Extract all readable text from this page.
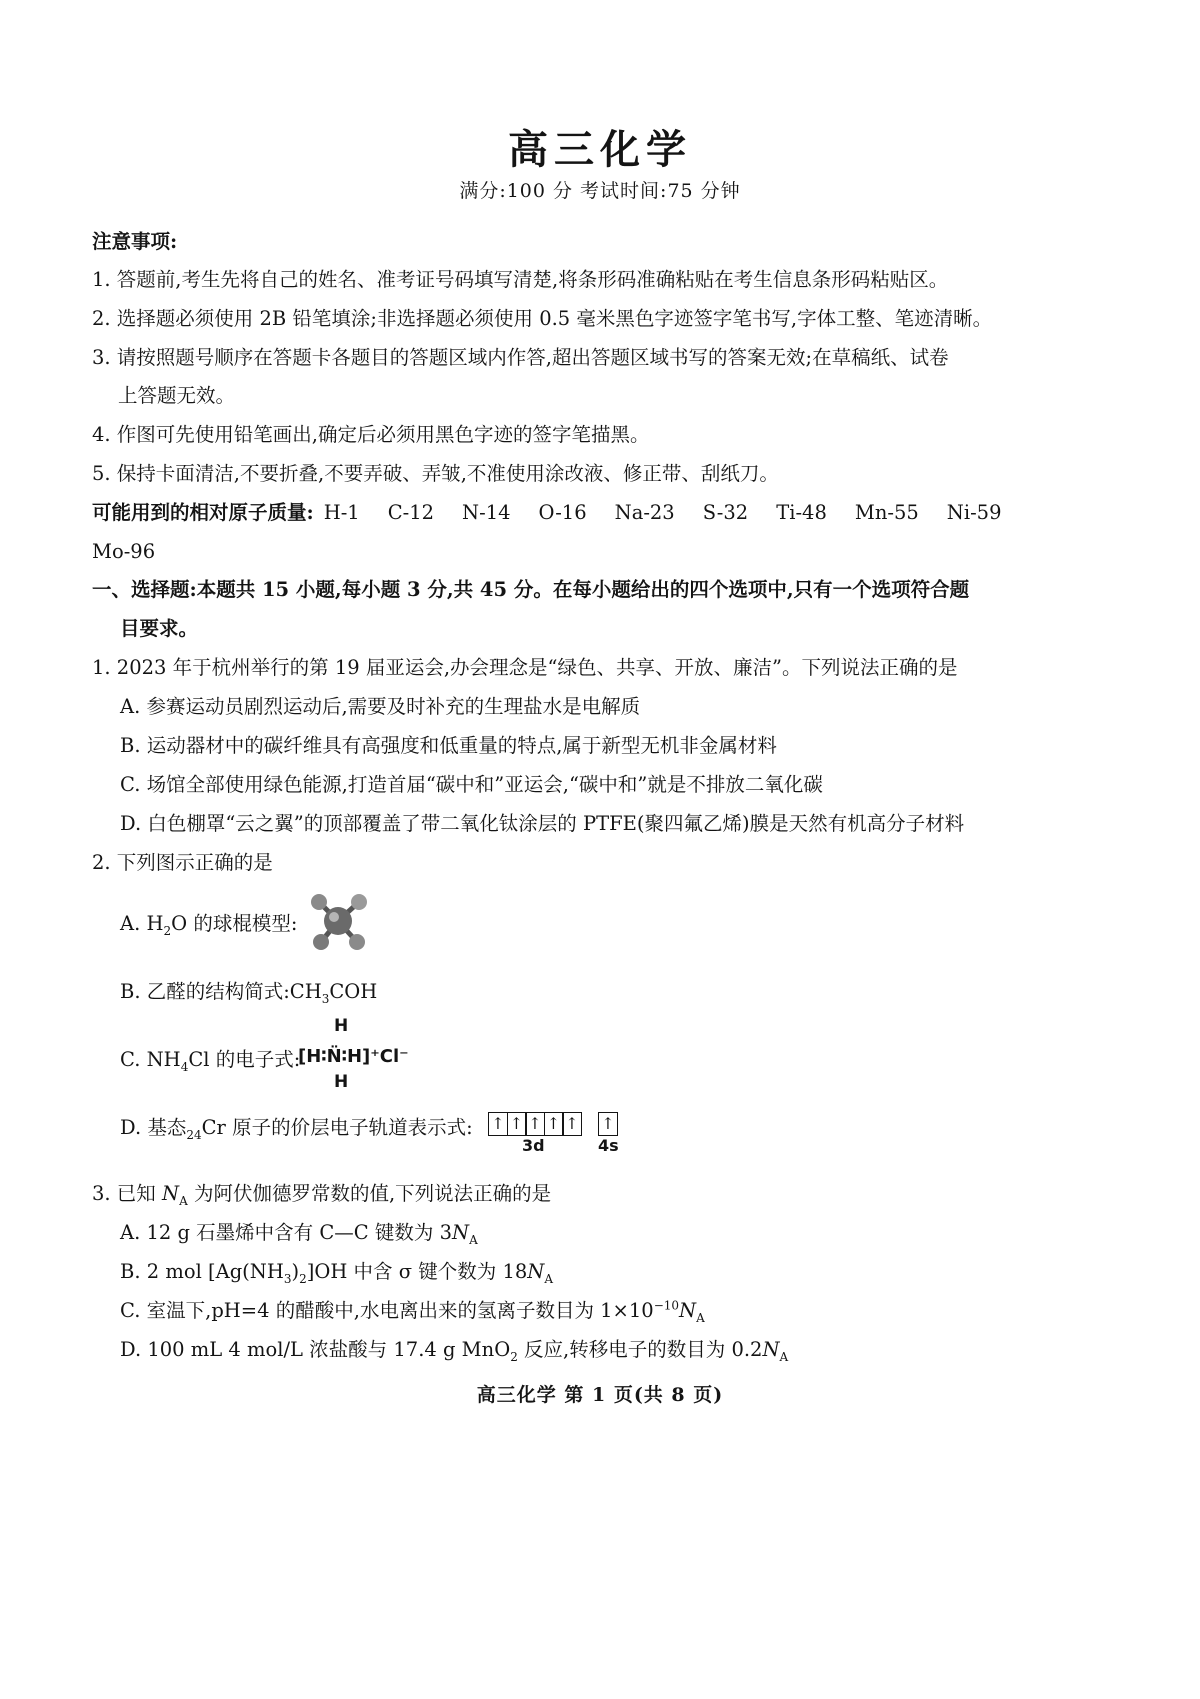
高三化学
满分:100 分 考试时间:75 分钟
注意事项:
1. 答题前,考生先将自己的姓名、准考证号码填写清楚,将条形码准确粘贴在考生信息条形码粘贴区。
2. 选择题必须使用 2B 铅笔填涂;非选择题必须使用 0.5 毫米黑色字迹签字笔书写,字体工整、笔迹清晰。
3. 请按照题号顺序在答题卡各题目的答题区域内作答,超出答题区域书写的答案无效;在草稿纸、试卷
上答题无效。
4. 作图可先使用铅笔画出,确定后必须用黑色字迹的签字笔描黑。
5. 保持卡面清洁,不要折叠,不要弄破、弄皱,不准使用涂改液、修正带、刮纸刀。
可能用到的相对原子质量: H-1 C-12 N-14 O-16 Na-23 S-32 Ti-48 Mn-55 Ni-59
Mo-96
一、选择题:本题共 15 小题,每小题 3 分,共 45 分。在每小题给出的四个选项中,只有一个选项符合题
目要求。
1. 2023 年于杭州举行的第 19 届亚运会,办会理念是“绿色、共享、开放、廉洁”。下列说法正确的是
A. 参赛运动员剧烈运动后,需要及时补充的生理盐水是电解质
B. 运动器材中的碳纤维具有高强度和低重量的特点,属于新型无机非金属材料
C. 场馆全部使用绿色能源,打造首届“碳中和”亚运会,“碳中和”就是不排放二氧化碳
D. 白色棚罩“云之翼”的顶部覆盖了带二氧化钛涂层的 PTFE(聚四氟乙烯)膜是天然有机高分子材料
2. 下列图示正确的是
A. $H_2O$ 的球棍模型:
B. 乙醛的结构简式$:CH_3COH$
C. $NH_4Cl$ 的电子式:
H
[H∶N̈∶H]⁺Cl⁻
H
D. 基态$_{24}$Cr 原子的价层电子轨道表示式: ↑ ↑ ↑ ↑ ↑ ↑
3d	4s
3. 已知 $N_A$ 为阿伏伽德罗常数的值,下列说法正确的是
A. 12 g 石墨烯中含有 C—C 键数为 $3N_A$
B. 2 mol $[Ag(NH_3)_2]OH$ 中含 σ 键个数为 $18N_A$
C. 室温下,pH=4 的醋酸中,水电离出来的氢离子数目为 $1\times 10^{-10}N_A$
D. 100 mL 4 mol/L 浓盐酸与 17.4 g MnO$_2$ 反应,转移电子的数目为 $0.2N_A$
高三化学 第 1 页(共 8 页)
